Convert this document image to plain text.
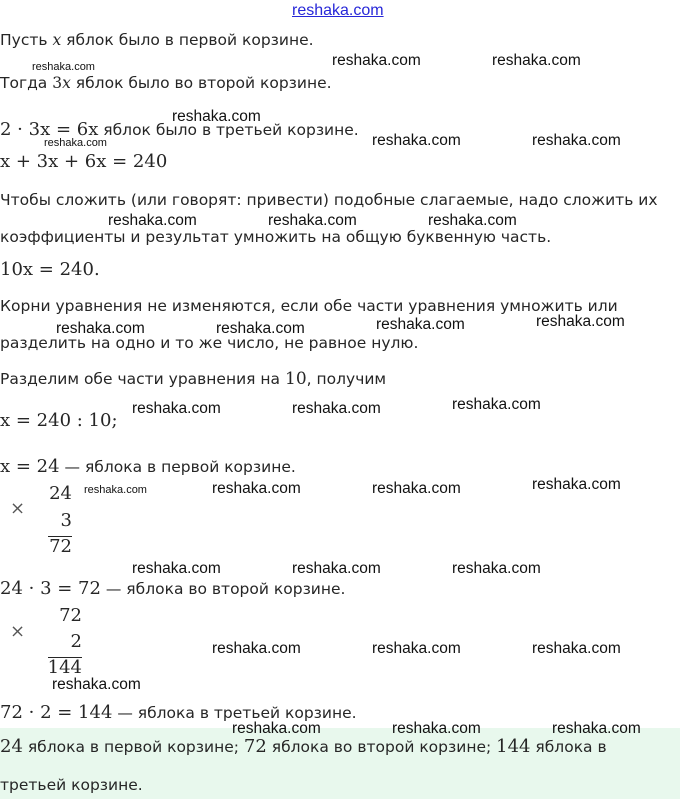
reshaka.com
Пусть x яблок было в первой корзине.
Тогда 3x яблок было во второй корзине.
2 · 3x = 6x яблок было в третьей корзине.
x + 3x + 6x = 240
Чтобы сложить (или говорят: привести) подобные слагаемые, надо сложить их
коэффициенты и результат умножить на общую буквенную часть.
10x = 240.
Корни уравнения не изменяются, если обе части уравнения умножить или
разделить на одно и то же число, не равное нулю.
Разделим обе части уравнения на 10, получим
x = 240 : 10;
x = 24 — яблока в первой корзине.
×
24
3
72
24 · 3 = 72 — яблока во второй корзине.
×
72
2
144
72 · 2 = 144 — яблока в третьей корзине.
24 яблока в первой корзине; 72 яблока во второй корзине; 144 яблока в
третьей корзине.
reshaka.com	reshaka.com
reshaka.com
reshaka.com
reshaka.com	reshaka.com	reshaka.com
reshaka.com	reshaka.com	reshaka.com
reshaka.com	reshaka.com	reshaka.com	reshaka.com
reshaka.com	reshaka.com	reshaka.com
reshaka.com	reshaka.com	reshaka.com	reshaka.com
reshaka.com	reshaka.com	reshaka.com
reshaka.com	reshaka.com	reshaka.com
reshaka.com
reshaka.com	reshaka.com	reshaka.com
